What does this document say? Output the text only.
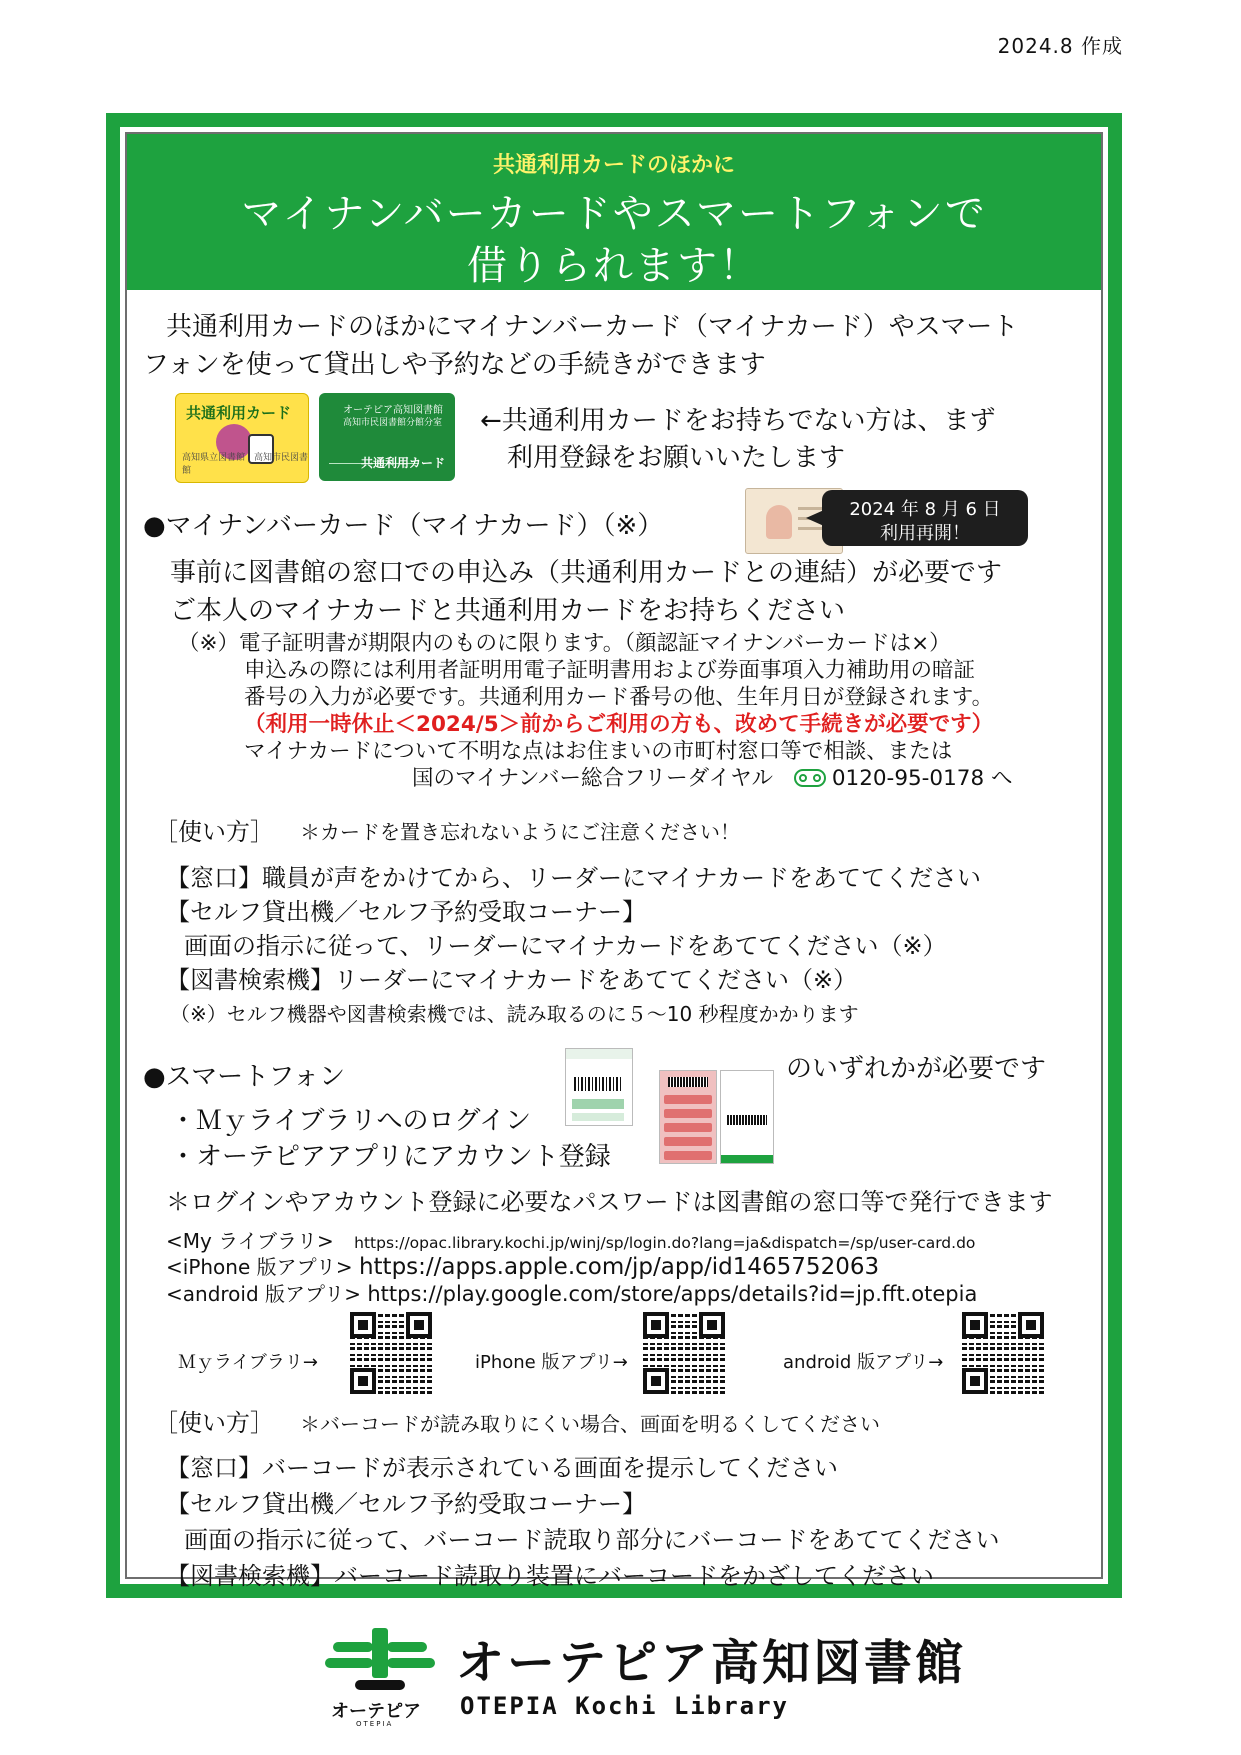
2024.8 作成
共通利用カードのほかに
マイナンバーカードやスマートフォンで
借りられます！
共通利用カードのほかにマイナンバーカード（マイナカード）やスマート
フォンを使って貸出しや予約などの手続きができます
共通利用カード
高知県立図書館　高知市民図書館
オーテピア高知図書館
高知市民図書館分館分室
共通利用カード
←共通利用カードをお持ちでない方は、まず
利用登録をお願いいたします
●マイナンバーカード（マイナカード）（※）
2024 年 8 月 6 日
利用再開！
事前に図書館の窓口での申込み（共通利用カードとの連結）が必要です
ご本人のマイナカードと共通利用カードをお持ちください
（※）電子証明書が期限内のものに限ります。（顔認証マイナンバーカードは×）
申込みの際には利用者証明用電子証明書用および券面事項入力補助用の暗証
番号の入力が必要です。共通利用カード番号の他、生年月日が登録されます。
（利用一時休止＜2024/5＞前からご利用の方も、改めて手続きが必要です）
マイナカードについて不明な点はお住まいの市町村窓口等で相談、または
国のマイナンバー総合フリーダイヤル	0120-95-0178 へ
［使い方］ ＊カードを置き忘れないようにご注意ください！
【窓口】職員が声をかけてから、リーダーにマイナカードをあててください
【セルフ貸出機／セルフ予約受取コーナー】
画面の指示に従って、リーダーにマイナカードをあててください（※）
【図書検索機】リーダーにマイナカードをあててください（※）
（※）セルフ機器や図書検索機では、読み取るのに５～10 秒程度かかります
●スマートフォン	のいずれかが必要です
・Ｍｙライブラリへのログイン
・オーテピアアプリにアカウント登録
＊ログインやアカウント登録に必要なパスワードは図書館の窓口等で発行できます
<My ライブラリ> https://opac.library.kochi.jp/winj/sp/login.do?lang=ja&dispatch=/sp/user-card.do
<iPhone 版アプリ> https://apps.apple.com/jp/app/id1465752063
<android 版アプリ> https://play.google.com/store/apps/details?id=jp.fft.otepia
Ｍｙライブラリ→	iPhone 版アプリ→	android 版アプリ→
［使い方］ ＊バーコードが読み取りにくい場合、画面を明るくしてください
【窓口】バーコードが表示されている画面を提示してください
【セルフ貸出機／セルフ予約受取コーナー】
画面の指示に従って、バーコード読取り部分にバーコードをあててください
【図書検索機】バーコード読取り装置にバーコードをかざしてください
オーテピア
OTEPIA
オーテピア高知図書館
OTEPIA Kochi Library
